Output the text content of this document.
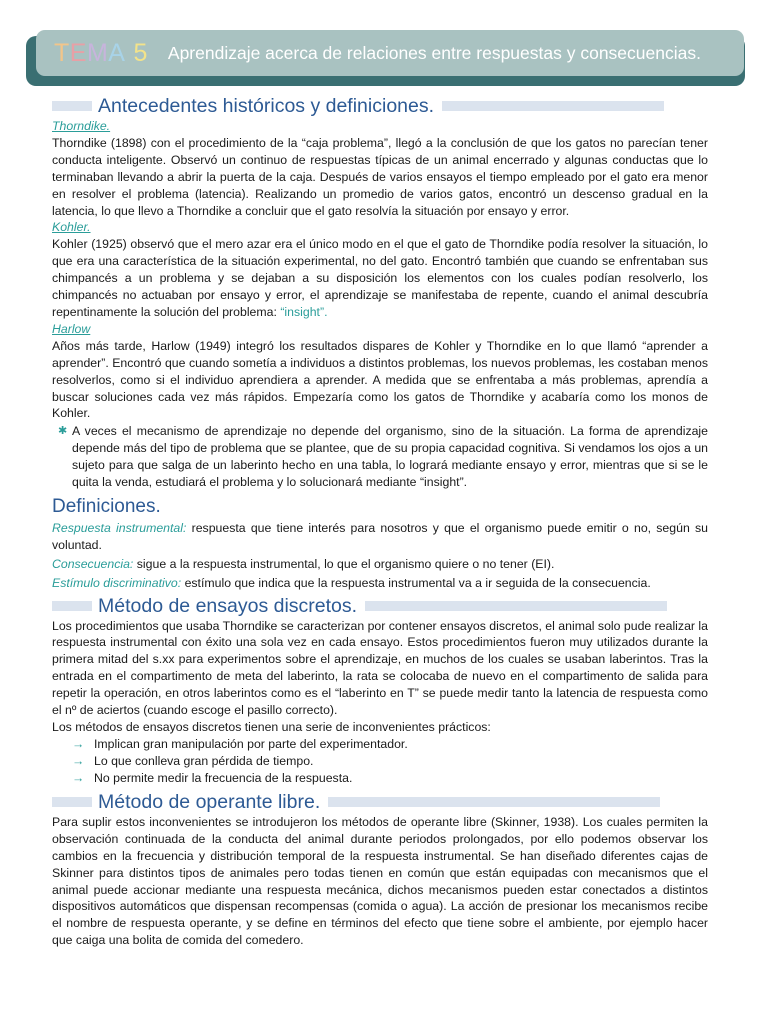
TEMA 5 Aprendizaje acerca de relaciones entre respuestas y consecuencias.
Antecedentes históricos y definiciones.
Thorndike.

Thorndike (1898) con el procedimiento de la “caja problema”, llegó a la conclusión de que los gatos no parecían tener conducta inteligente. Observó un continuo de respuestas típicas de un animal encerrado y algunas conductas que lo terminaban llevando a abrir la puerta de la caja. Después de varios ensayos el tiempo empleado por el gato era menor en resolver el problema (latencia). Realizando un promedio de varios gatos, encontró un descenso gradual en la latencia, lo que llevo a Thorndike a concluir que el gato resolvía la situación por ensayo y error.

Kohler.

Kohler (1925) observó que el mero azar era el único modo en el que el gato de Thorndike podía resolver la situación, lo que era una característica de la situación experimental, no del gato. Encontró también que cuando se enfrentaban sus chimpancés a un problema y se dejaban a su disposición los elementos con los cuales podían resolverlo, los chimpancés no actuaban por ensayo y error, el aprendizaje se manifestaba de repente, cuando el animal descubría repentinamente la solución del problema: “insight”.

Harlow

Años más tarde, Harlow (1949) integró los resultados dispares de Kohler y Thorndike en lo que llamó “aprender a aprender”. Encontró que cuando sometía a individuos a distintos problemas, los nuevos problemas, les costaban menos resolverlos, como si el individuo aprendiera a aprender. A medida que se enfrentaba a más problemas, aprendía a buscar soluciones cada vez más rápidos. Empezaría como los gatos de Thorndike y acabaría como los monos de Kohler.

✱ A veces el mecanismo de aprendizaje no depende del organismo, sino de la situación. La forma de aprendizaje depende más del tipo de problema que se plantee, que de su propia capacidad cognitiva. Si vendamos los ojos a un sujeto para que salga de un laberinto hecho en una tabla, lo logrará mediante ensayo y error, mientras que si se le quita la venda, estudiará el problema y lo solucionará mediante “insight”.

Definiciones.

Respuesta instrumental: respuesta que tiene interés para nosotros y que el organismo puede emitir o no, según su voluntad.

Consecuencia: sigue a la respuesta instrumental, lo que el organismo quiere o no tener (EI).

Estímulo discriminativo: estímulo que indica que la respuesta instrumental va a ir seguida de la consecuencia.

Método de ensayos discretos.

Los procedimientos que usaba Thorndike se caracterizan por contener ensayos discretos, el animal solo pude realizar la respuesta instrumental con éxito una sola vez en cada ensayo. Estos procedimientos fueron muy utilizados durante la primera mitad del s.xx para experimentos sobre el aprendizaje, en muchos de los cuales se usaban laberintos. Tras la entrada en el compartimento de meta del laberinto, la rata se colocaba de nuevo en el compartimento de salida para repetir la operación, en otros laberintos como es el “laberinto en T” se puede medir tanto la latencia de respuesta como el nº de aciertos (cuando escoge el pasillo correcto).

Los métodos de ensayos discretos tienen una serie de inconvenientes prácticos:

→ Implican gran manipulación por parte del experimentador.
→ Lo que conlleva gran pérdida de tiempo.
→ No permite medir la frecuencia de la respuesta.
Método de operante libre.

Para suplir estos inconvenientes se introdujeron los métodos de operante libre (Skinner, 1938). Los cuales permiten la observación continuada de la conducta del animal durante periodos prolongados, por ello podemos observar los cambios en la frecuencia y distribución temporal de la respuesta instrumental. Se han diseñado diferentes cajas de Skinner para distintos tipos de animales pero todas tienen en común que están equipadas con mecanismos que el animal puede accionar mediante una respuesta mecánica, dichos mecanismos pueden estar conectados a distintos dispositivos automáticos que dispensan recompensas (comida o agua). La acción de presionar los mecanismos recibe el nombre de respuesta operante, y se define en términos del efecto que tiene sobre el ambiente, por ejemplo hacer que caiga una bolita de comida del comedero.
